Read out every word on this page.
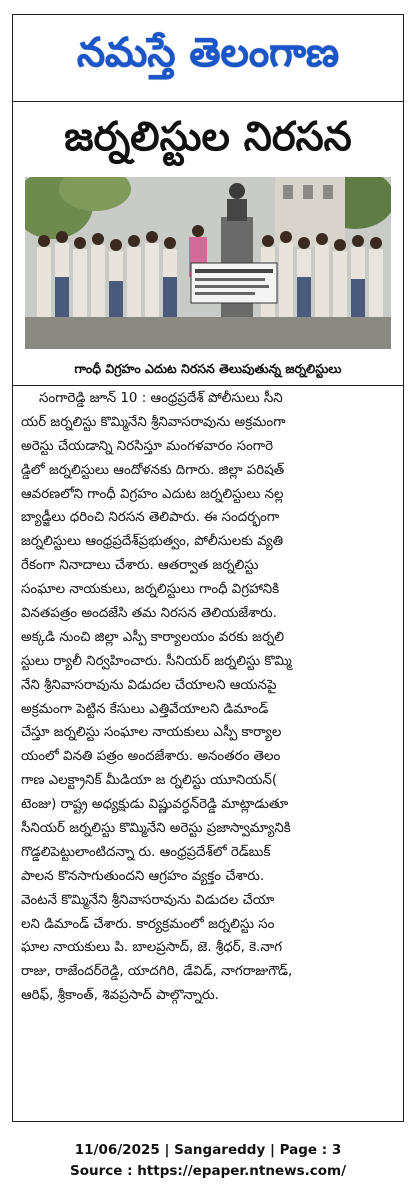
నమస్తే తెలంగాణ
జర్నలిస్టుల నిరసన
గాంధీ విగ్రహం ఎదుట నిరసన తెలుపుతున్న జర్నలిస్టులు
సంగారెడ్డి జూన్ 10 : ఆంధ్రప్రదేశ్ పోలీసులు సీని
యర్ జర్నలిస్టు కొమ్మినేని శ్రీనివాసరావును అక్రమంగా
అరెస్టు చేయడాన్ని నిరసిస్తూ మంగళవారం సంగారె
డ్డిలో జర్నలిస్టులు ఆందోళనకు దిగారు. జిల్లా పరిషత్
ఆవరణలోని గాంధీ విగ్రహం ఎదుట జర్నలిస్టులు నల్ల
బ్యాడ్జీలు ధరించి నిరసన తెలిపారు. ఈ సందర్భంగా
జర్నలిస్టులు ఆంధ్రప్రదేశ్‌ప్రభుత్వం, పోలీసులకు వ్యతి
రేకంగా నినాదాలు చేశారు. ఆతర్వాత జర్నలిస్టు
సంఘాల నాయకులు, జర్నలిస్టులు గాంధీ విగ్రహానికి
వినతపత్రం అందజేసి తమ నిరసన తెలియజేశారు.
అక్కడి నుంచి జిల్లా ఎస్పీ కార్యాలయం వరకు జర్నలి
స్టులు ర్యాలీ నిర్వహించారు. సీనియర్ జర్నలిస్టు కొమ్మి
నేని శ్రీనివాసరావును విడుదల చేయాలని ఆయనపై
అక్రమంగా పెట్టిన కేసులు ఎత్తివేయాలని డిమాండ్
చేస్తూ జర్నలిస్టు సంఘాల నాయకులు ఎస్పీ కార్యాల
యంలో వినతి పత్రం అందజేశారు. అనంతరం తెలం
గాణ ఎలక్ట్రానిక్ మీడియా జ ర్నలిస్టు యూనియన్(
టెంజు) రాష్ట్ర అధ్యక్షుడు విష్ణువర్ధన్‌రెడ్డి మాట్లాడుతూ
సీనియర్ జర్నలిస్టు కొమ్మినేని అరెస్టు ప్రజాస్వామ్యానికి
గొడ్డలిపెట్టులాంటిదన్నా రు. ఆంధ్రప్రదేశ్‌లో రెడ్‌బుక్
పాలన కొనసాగుతుందని ఆగ్రహం వ్యక్తం చేశారు.
వెంటనే కొమ్మినేని శ్రీనివాసరావును విడుదల చేయా
లని డిమాండ్ చేశారు. కార్యక్రమంలో జర్నలిస్టు సం
ఘాల నాయకులు పి. బాలప్రసాద్, జె. శ్రీధర్, కె.నాగ
రాజు, రాజేందర్‌రెడ్డి, యాదగిరి, డేవిడ్, నాగరాజుగౌడ్,
ఆరిఫ్, శ్రీకాంత్, శివప్రసాద్ పాల్గొన్నారు.
11/06/2025 | Sangareddy | Page : 3
Source : https://epaper.ntnews.com/
